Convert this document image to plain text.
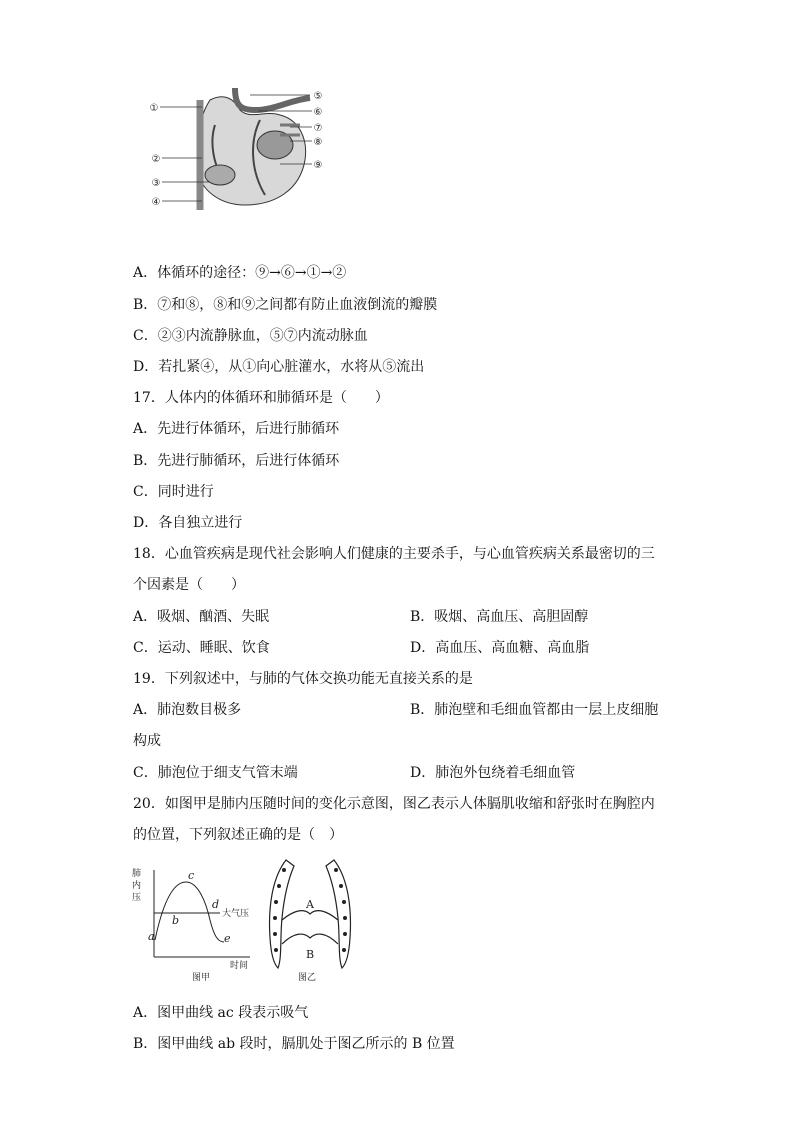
①
②
③
④
⑤
⑥
⑦
⑧
⑨
A．体循环的途径：⑨→⑥→①→②
B．⑦和⑧，⑧和⑨之间都有防止血液倒流的瓣膜
C．②③内流静脉血，⑤⑦内流动脉血
D．若扎紧④，从①向心脏灌水，水将从⑤流出
17．人体内的体循环和肺循环是（　　）
A．先进行体循环，后进行肺循环
B．先进行肺循环，后进行体循环
C．同时进行
D．各自独立进行
18．心血管疾病是现代社会影响人们健康的主要杀手，与心血管疾病关系最密切的三
个因素是（　　）
A．吸烟、酗酒、失眠	B．吸烟、高血压、高胆固醇
C．运动、睡眠、饮食	D．高血压、高血糖、高血脂
19．下列叙述中，与肺的气体交换功能无直接关系的是
A．肺泡数目极多	B．肺泡壁和毛细血管都由一层上皮细胞
构成
C．肺泡位于细支气管末端	D．肺泡外包绕着毛细血管
20．如图甲是肺内压随时间的变化示意图，图乙表示人体膈肌收缩和舒张时在胸腔内
的位置，下列叙述正确的是（　）
肺
内
压
大气压
a
b
c
d
e
时间
图甲
A
B
图乙
A．图甲曲线 ac 段表示吸气
B．图甲曲线 ab 段时，膈肌处于图乙所示的 B 位置
